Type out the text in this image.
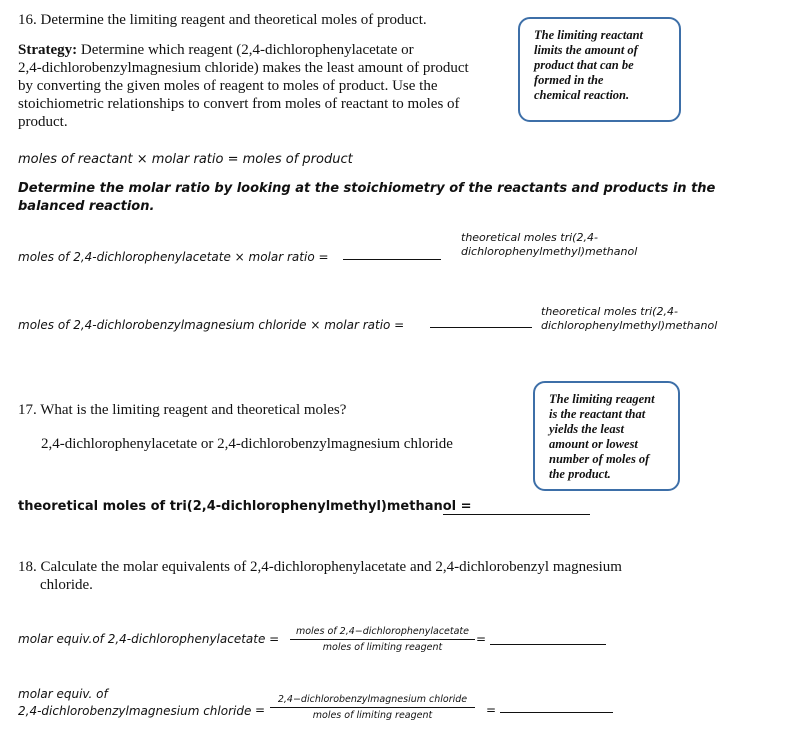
16. Determine the limiting reagent and theoretical moles of product.
Strategy: Determine which reagent (2,4-dichlorophenylacetate or
2,4-dichlorobenzylmagnesium chloride) makes the least amount of product
by converting the given moles of reagent to moles of product. Use the
stoichiometric relationships to convert from moles of reactant to moles of
product.
The limiting reactant
limits the amount of
product that can be
formed in the
chemical reaction.
moles of reactant × molar ratio = moles of product
Determine the molar ratio by looking at the stoichiometry of the reactants and products in the
balanced reaction.
moles of 2,4-dichlorophenylacetate × molar ratio =
theoretical moles tri(2,4-
dichlorophenylmethyl)methanol
moles of 2,4-dichlorobenzylmagnesium chloride × molar ratio =
theoretical moles tri(2,4-
dichlorophenylmethyl)methanol
17. What is the limiting reagent and theoretical moles?
2,4-dichlorophenylacetate or 2,4-dichlorobenzylmagnesium chloride
The limiting reagent
is the reactant that
yields the least
amount or lowest
number of moles of
the product.
theoretical moles of tri(2,4-dichlorophenylmethyl)methanol =
18. Calculate the molar equivalents of 2,4-dichlorophenylacetate and 2,4-dichlorobenzyl magnesium
chloride.
molar equiv.of 2,4-dichlorophenylacetate =
moles of 2,4−dichlorophenylacetate
moles of limiting reagent
=
molar equiv. of
2,4-dichlorobenzylmagnesium chloride =
2,4−dichlorobenzylmagnesium chloride
moles of limiting reagent	=
